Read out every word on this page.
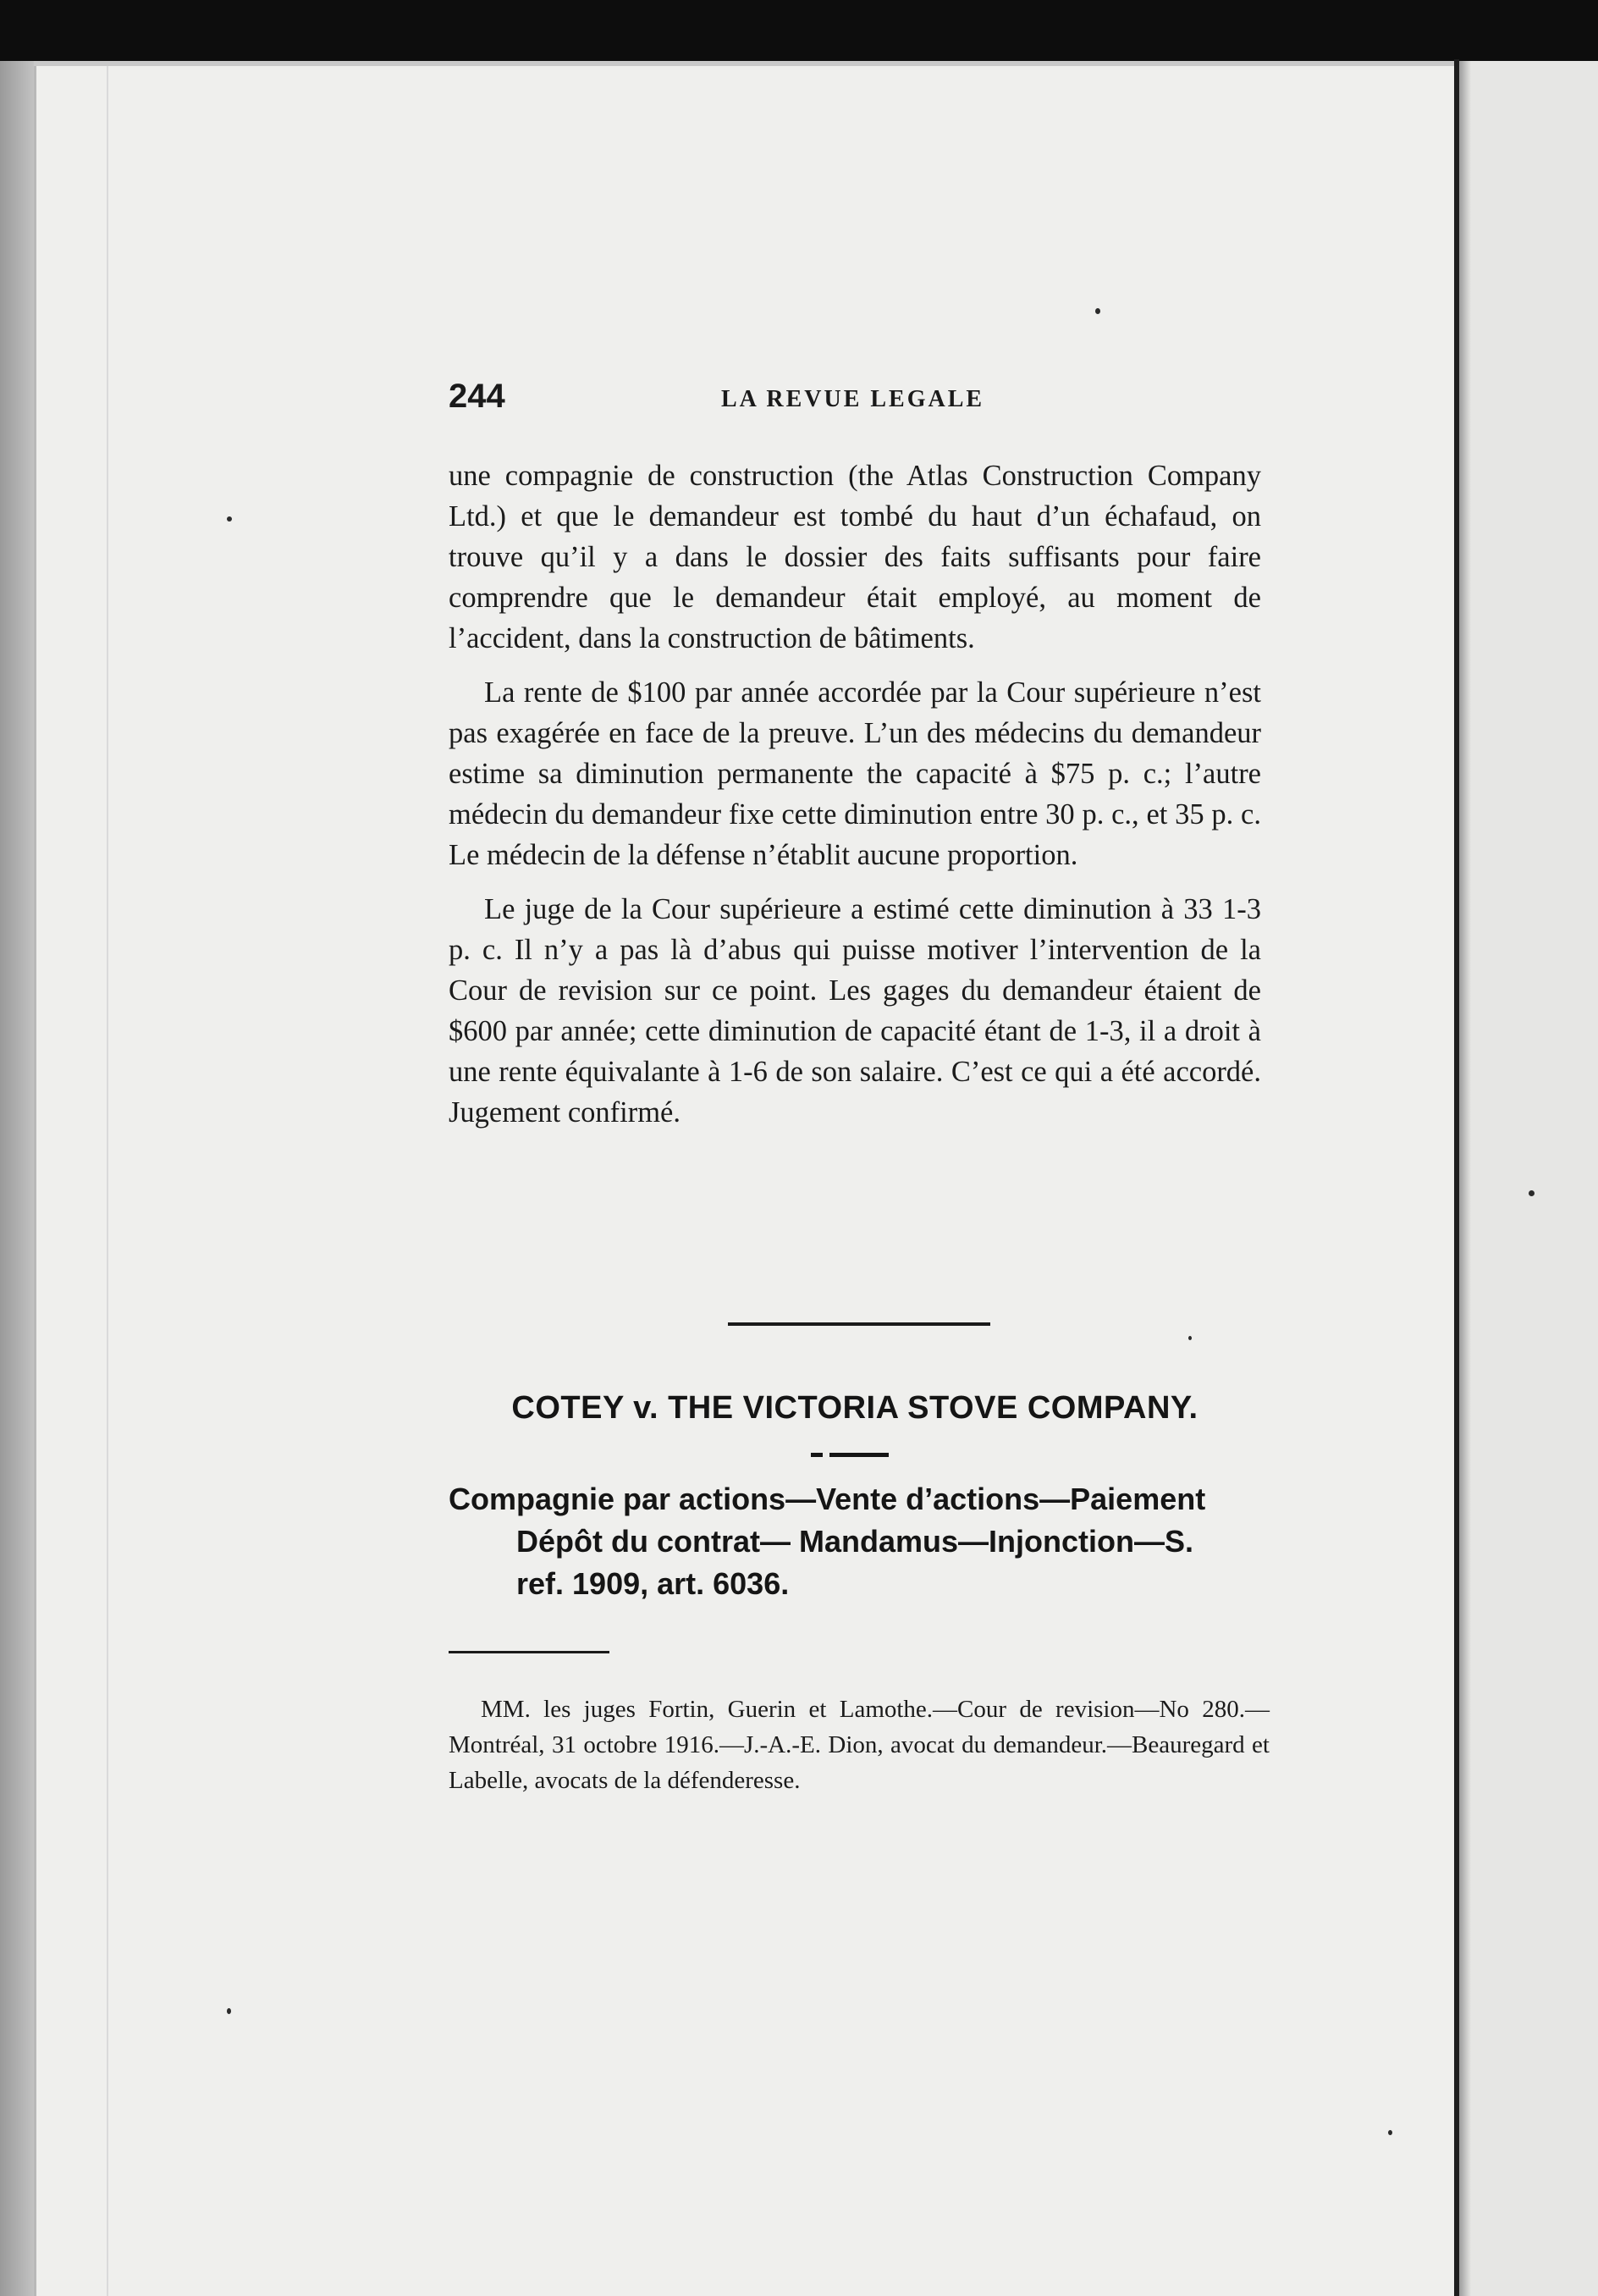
244	LA REVUE LEGALE

une compagnie de construction (the Atlas Construction Company Ltd.) et que le demandeur est tombé du haut d’un échafaud, on trouve qu’il y a dans le dossier des faits suffisants pour faire comprendre que le demandeur était employé, au moment de l’accident, dans la construction de bâtiments.

La rente de $100 par année accordée par la Cour supérieure n’est pas exagérée en face de la preuve. L’un des médecins du demandeur estime sa diminution permanente the capacité à $75 p. c.; l’autre médecin du demandeur fixe cette diminution entre 30 p. c., et 35 p. c. Le médecin de la défense n’établit aucune proportion.

Le juge de la Cour supérieure a estimé cette diminution à 33 1-3 p. c. Il n’y a pas là d’abus qui puisse motiver l’intervention de la Cour de revision sur ce point. Les gages du demandeur étaient de $600 par année; cette diminution de capacité étant de 1-3, il a droit à une rente équivalante à 1-6 de son salaire. C’est ce qui a été accordé. Jugement confirmé.

COTEY v. THE VICTORIA STOVE COMPANY.
Compagnie par actions—Vente d’actions—Paiement
Dépôt du contrat— Mandamus—Injonction—S.
ref. 1909, art. 6036.

MM. les juges Fortin, Guerin et Lamothe.—Cour de revision—No 280.—Montréal, 31 octobre 1916.—J.-A.-E. Dion, avocat du demandeur.—Beauregard et Labelle, avocats de la défenderesse.
